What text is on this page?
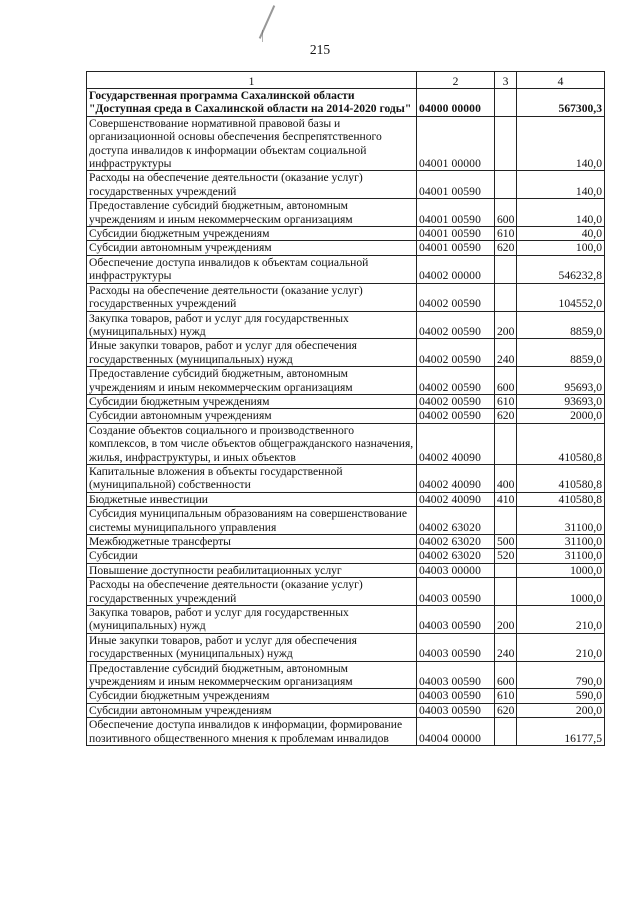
215
1	2	3	4
Государственная программа Сахалинской области "Доступная среда в Сахалинской области на 2014-2020 годы"	04000 00000		567300,3
Совершенствование нормативной правовой базы и организационной основы обеспечения беспрепятственного доступа инвалидов к информации объектам социальной инфраструктуры	04001 00000		140,0
Расходы на обеспечение деятельности (оказание услуг) государственных учреждений	04001 00590		140,0
Предоставление субсидий бюджетным, автономным учреждениям и иным некоммерческим организациям	04001 00590	600	140,0
Субсидии бюджетным учреждениям	04001 00590	610	40,0
Субсидии автономным учреждениям	04001 00590	620	100,0
Обеспечение доступа инвалидов к объектам социальной инфраструктуры	04002 00000		546232,8
Расходы на обеспечение деятельности (оказание услуг) государственных учреждений	04002 00590		104552,0
Закупка товаров, работ и услуг для государственных (муниципальных) нужд	04002 00590	200	8859,0
Иные закупки товаров, работ и услуг для обеспечения государственных (муниципальных) нужд	04002 00590	240	8859,0
Предоставление субсидий бюджетным, автономным учреждениям и иным некоммерческим организациям	04002 00590	600	95693,0
Субсидии бюджетным учреждениям	04002 00590	610	93693,0
Субсидии автономным учреждениям	04002 00590	620	2000,0
Создание объектов социального и производственного комплексов, в том числе объектов общегражданского назначения, жилья, инфраструктуры, и иных объектов	04002 40090		410580,8
Капитальные вложения в объекты государственной (муниципальной) собственности	04002 40090	400	410580,8
Бюджетные инвестиции	04002 40090	410	410580,8
Субсидия муниципальным образованиям на совершенствование системы муниципального управления	04002 63020		31100,0
Межбюджетные трансферты	04002 63020	500	31100,0
Субсидии	04002 63020	520	31100,0
Повышение доступности реабилитационных услуг	04003 00000		1000,0
Расходы на обеспечение деятельности (оказание услуг) государственных учреждений	04003 00590		1000,0
Закупка товаров, работ и услуг для государственных (муниципальных) нужд	04003 00590	200	210,0
Иные закупки товаров, работ и услуг для обеспечения государственных (муниципальных) нужд	04003 00590	240	210,0
Предоставление субсидий бюджетным, автономным учреждениям и иным некоммерческим организациям	04003 00590	600	790,0
Субсидии бюджетным учреждениям	04003 00590	610	590,0
Субсидии автономным учреждениям	04003 00590	620	200,0
Обеспечение доступа инвалидов к информации, формирование позитивного общественного мнения к проблемам инвалидов	04004 00000		16177,5
